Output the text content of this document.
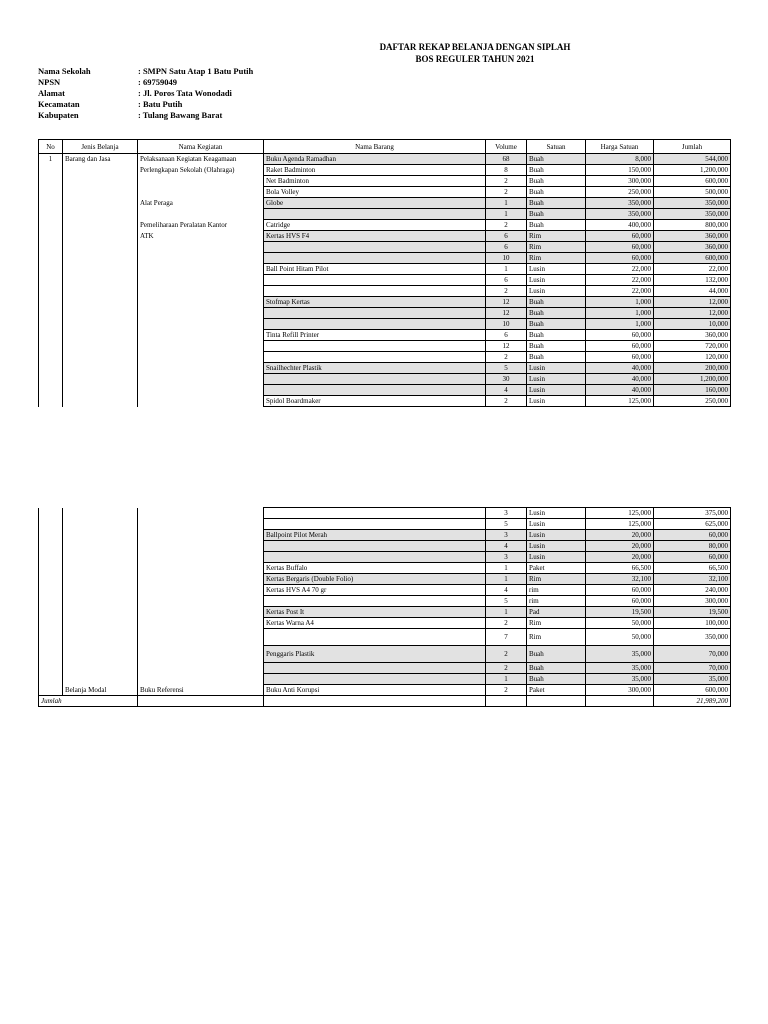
DAFTAR REKAP BELANJA DENGAN SIPLAH
BOS REGULER TAHUN 2021
Nama Sekolah	: SMPN Satu Atap 1 Batu Putih
NPSN	: 69759049
Alamat	: Jl. Poros Tata Wonodadi
Kecamatan	: Batu Putih
Kabupaten	: Tulang Bawang Barat
No	Jenis Belanja	Nama Kegiatan	Nama Barang	Volume	Satuan	Harga Satuan	Jumlah
1	Barang dan Jasa	Pelaksanaan Kegiatan Keagamaan	Buku Agenda Ramadhan	68	Buah	8,000	544,000
		Perlengkapan Sekolah (Olahraga)	Raket Badminton	8	Buah	150,000	1,200,000
			Net Badminton	2	Buah	300,000	600,000
			Bola Volley	2	Buah	250,000	500,000
		Alat Peraga	Globe	1	Buah	350,000	350,000
				1	Buah	350,000	350,000
		Pemeliharaan Peralatan Kantor	Catridge	2	Buah	400,000	800,000
		ATK	Kertas HVS F4	6	Rim	60,000	360,000
				6	Rim	60,000	360,000
				10	Rim	60,000	600,000
			Ball Point Hitam Pilot	1	Lusin	22,000	22,000
				6	Lusin	22,000	132,000
				2	Lusin	22,000	44,000
			Stofmap Kertas	12	Buah	1,000	12,000
				12	Buah	1,000	12,000
				10	Buah	1,000	10,000
			Tinta Refill Printer	6	Buah	60,000	360,000
				12	Buah	60,000	720,000
				2	Buah	60,000	120,000
			Snailhechter Plastik	5	Lusin	40,000	200,000
				30	Lusin	40,000	1,200,000
				4	Lusin	40,000	160,000
			Spidol Boardmaker	2	Lusin	125,000	250,000
				3	Lusin	125,000	375,000
				5	Lusin	125,000	625,000
			Ballpoint Pilot Merah	3	Lusin	20,000	60,000
				4	Lusin	20,000	80,000
				3	Lusin	20,000	60,000
			Kertas Buffalo	1	Paket	66,500	66,500
			Kertas Bergaris (Double Folio)	1	Rim	32,100	32,100
			Kertas HVS A4 70 gr	4	rim	60,000	240,000
				5	rim	60,000	300,000
			Kertas Post It	1	Pad	19,500	19,500
			Kertas Warna A4	2	Rim	50,000	100,000
				7	Rim	50,000	350,000
			Penggaris Plastik	2	Buah	35,000	70,000
				2	Buah	35,000	70,000
				1	Buah	35,000	35,000
	Belanja Modal	Buku Referensi	Buku Anti Korupsi	2	Paket	300,000	600,000
Jumlah							21,989,200
